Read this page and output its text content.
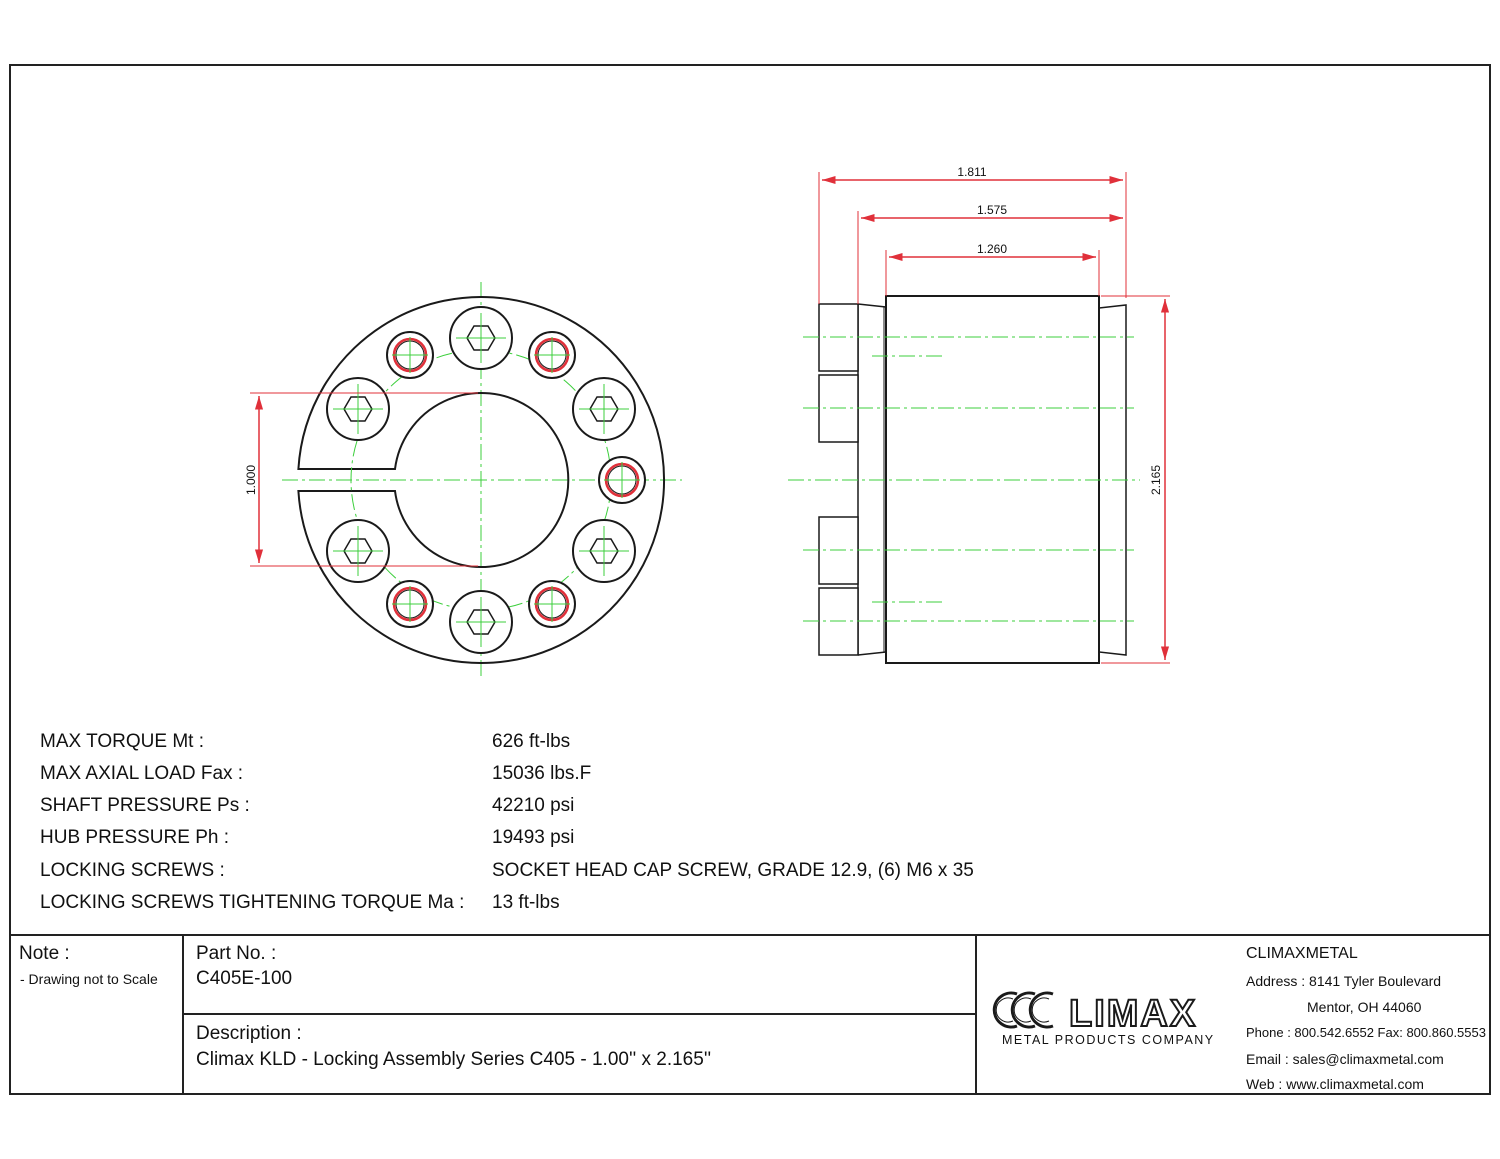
1.000
1.811
1.575
1.260
2.165
MAX TORQUE Mt :	626 ft-lbs
MAX AXIAL LOAD Fax :	15036 lbs.F
SHAFT PRESSURE Ps :	42210 psi
HUB PRESSURE Ph :	19493 psi
LOCKING SCREWS :	SOCKET HEAD CAP SCREW, GRADE 12.9, (6) M6 x 35
LOCKING SCREWS TIGHTENING TORQUE Ma : 13 ft-lbs
Note :
- Drawing not to Scale
Part No. :
C405E-100
Description :
Climax KLD - Locking Assembly Series C405 - 1.00'' x 2.165''
LIMAX
METAL PRODUCTS COMPANY
CLIMAXMETAL
Address : 8141 Tyler Boulevard
Mentor, OH 44060
Phone : 800.542.6552 Fax: 800.860.5553
Email : sales@climaxmetal.com
Web : www.climaxmetal.com
